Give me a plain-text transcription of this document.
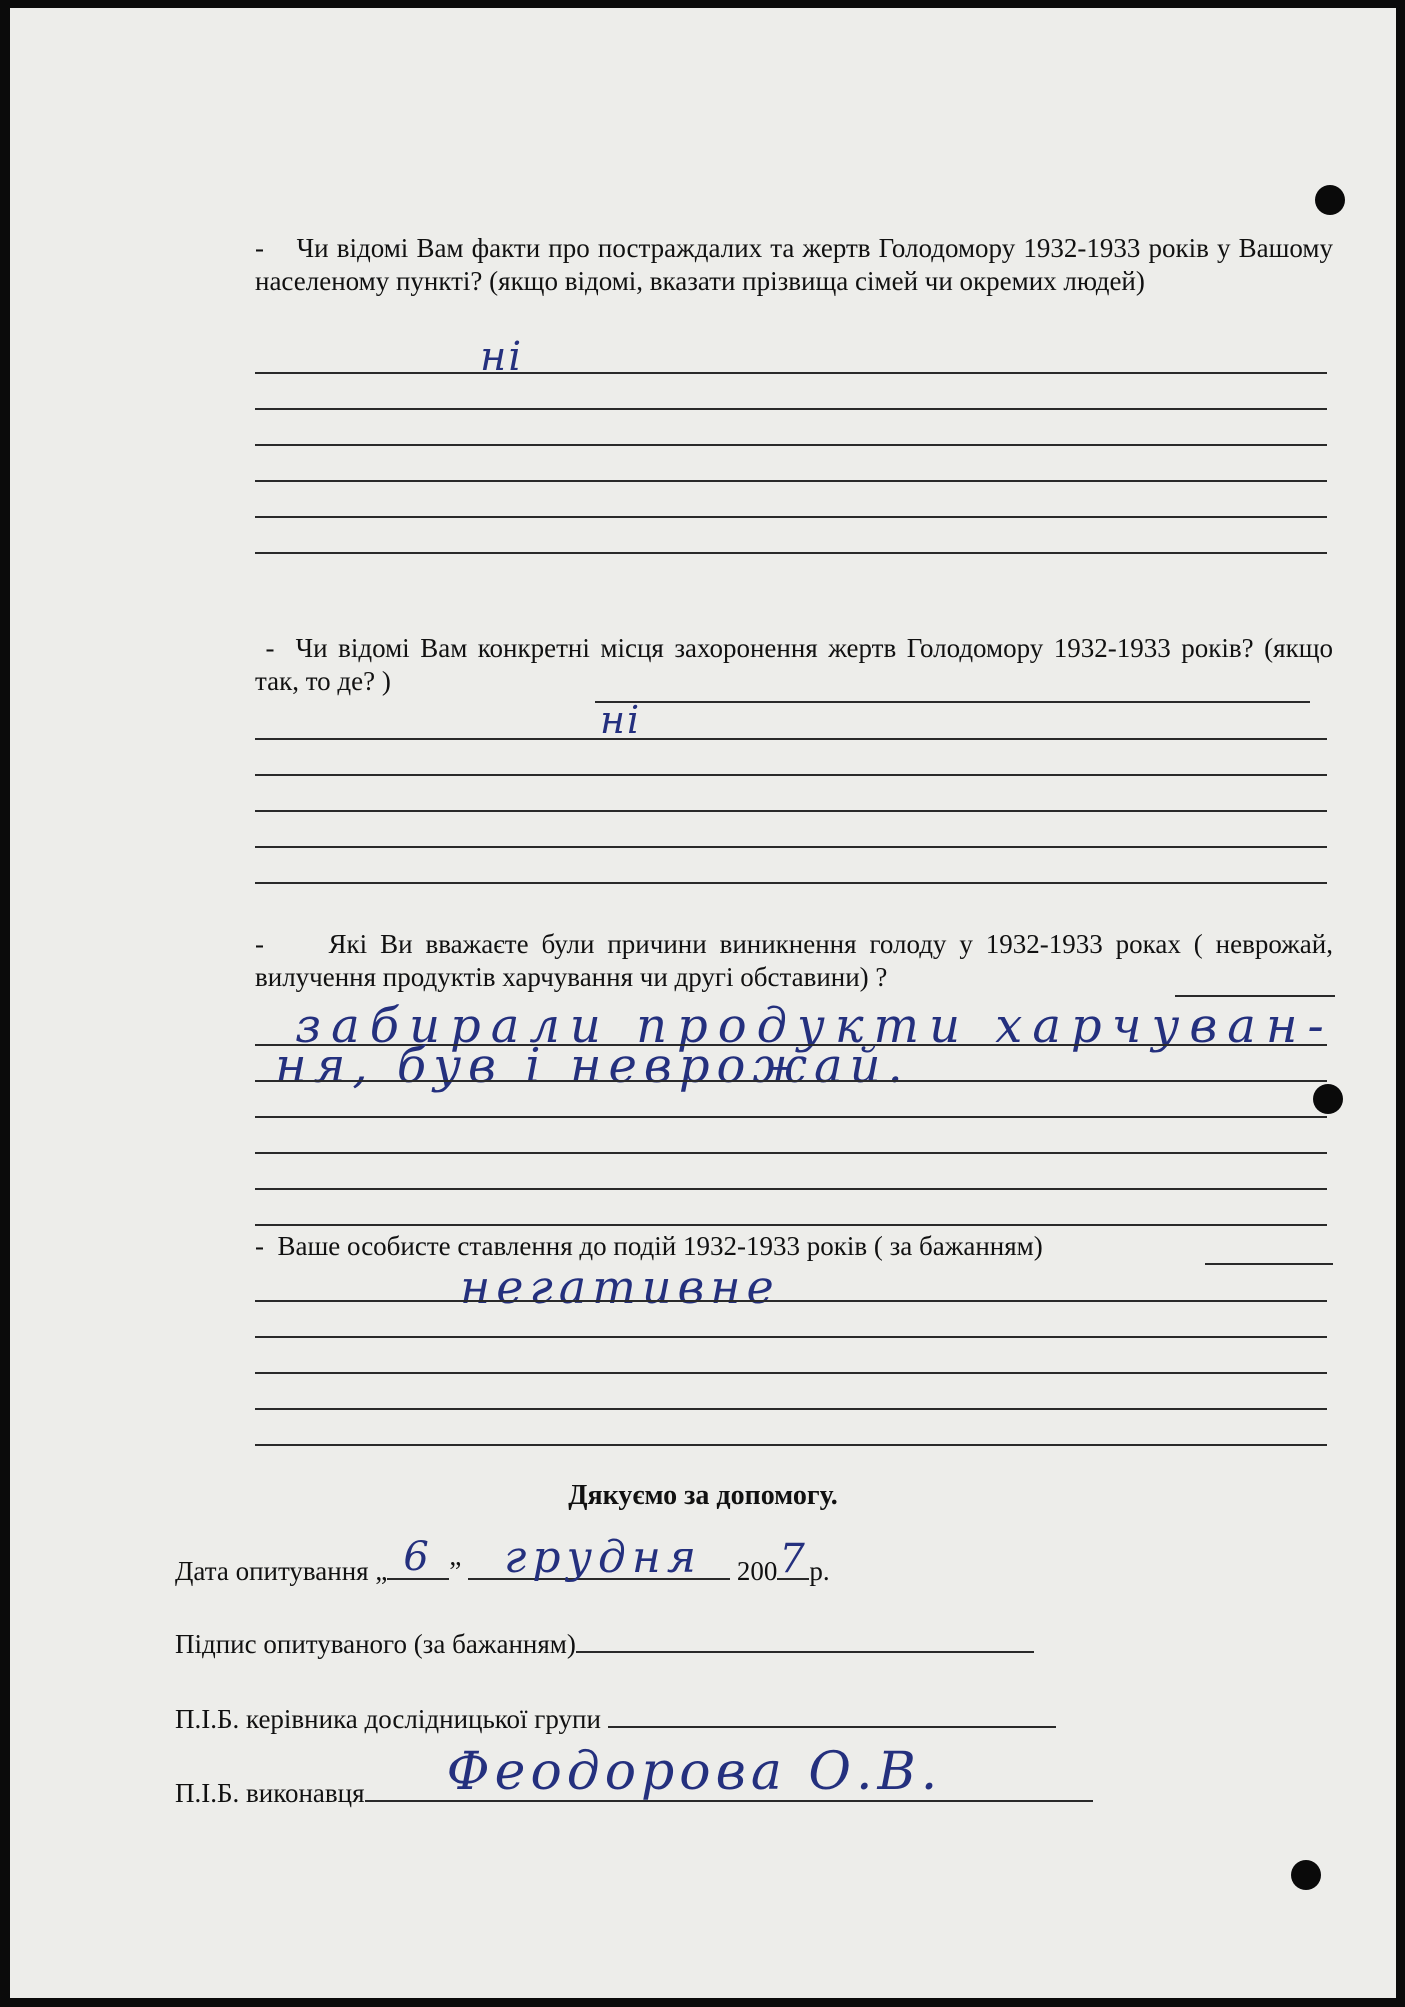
- Чи відомі Вам факти про постраждалих та жертв Голодомору 1932-1933 років у Вашому населеному пункті? (якщо відомі, вказати прізвища сімей чи окремих людей)
ні
- Чи відомі Вам конкретні місця захоронення жертв Голодомору 1932-1933 років? (якщо так, то де? )
ні
- Які Ви вважаєте були причини виникнення голоду у 1932-1933 роках ( неврожай, вилучення продуктів харчування чи другі обставини) ?
забирали продукти харчуван-
ня, був і неврожай.
- Ваше особисте ставлення до подій 1932-1933 років ( за бажанням)
негативне
Дякуємо за допомогу.
Дата опитування „ 6 ” грудня 200 7 р.
Підпис опитуваного (за бажанням)
П.І.Б. керівника дослідницької групи
П.І.Б. виконавця Феодорова О.В.
